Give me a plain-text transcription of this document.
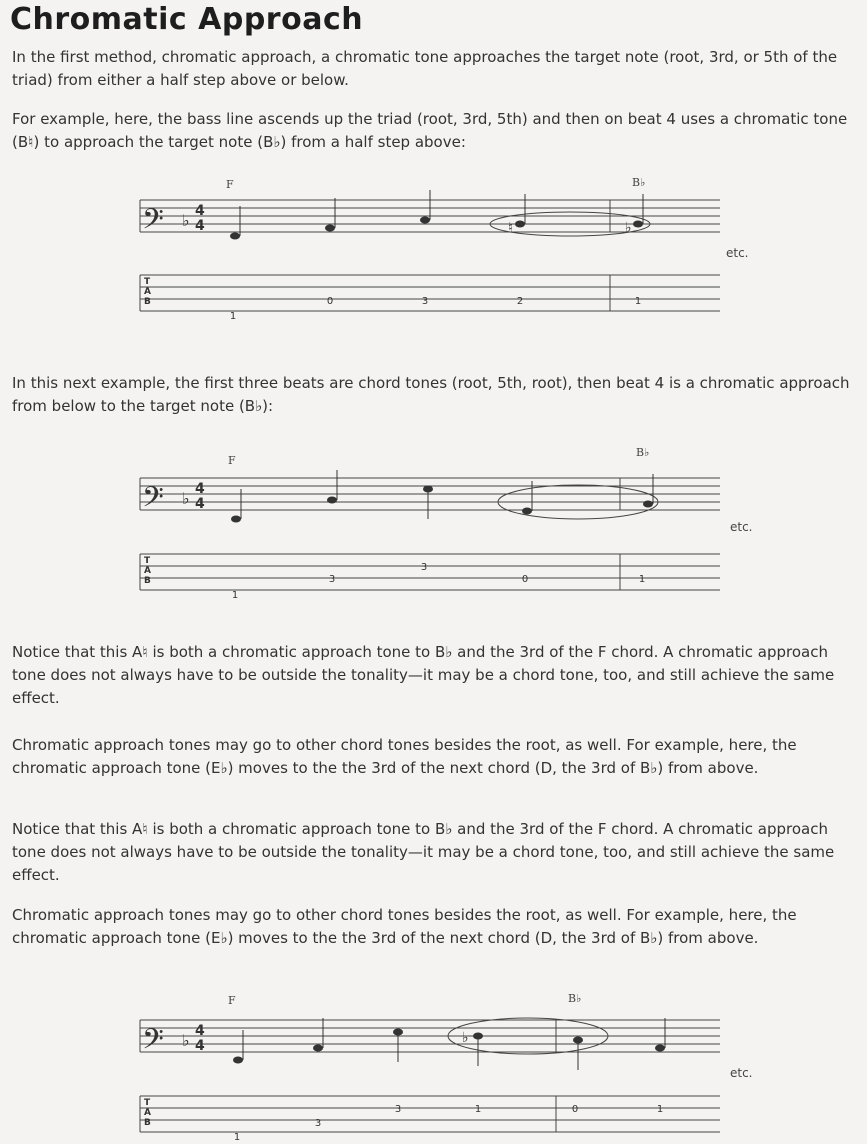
Chromatic Approach
In the first method, chromatic approach, a chromatic tone approaches the target note (root, 3rd, or 5th of the triad) from either a half step above or below.
For example, here, the bass line ascends up the triad (root, 3rd, 5th) and then on beat 4 uses a chromatic tone (B♮) to approach the target note (B♭) from a half step above:
F	B♭
etc.
𝄢 ♭ 4
4	♮	♭
T
A
B
1
0	3	2	1
In this next example, the first three beats are chord tones (root, 5th, root), then beat 4 is a chromatic approach from below to the target note (B♭):
F
B♭
etc.
𝄢 ♭ 4
4
T
A
B
1
3
3
0	1
Notice that this A♮ is both a chromatic approach tone to B♭ and the 3rd of the F chord. A chromatic approach tone does not always have to be outside the tonality—it may be a chord tone, too, and still achieve the same effect.
Chromatic approach tones may go to other chord tones besides the root, as well. For example, here, the chromatic approach tone (E♭) moves to the the 3rd of the next chord (D, the 3rd of B♭) from above.
Notice that this A♮ is both a chromatic approach tone to B♭ and the 3rd of the F chord. A chromatic approach tone does not always have to be outside the tonality—it may be a chord tone, too, and still achieve the same effect.
Chromatic approach tones may go to other chord tones besides the root, as well. For example, here, the chromatic approach tone (E♭) moves to the the 3rd of the next chord (D, the 3rd of B♭) from above.
F	B♭
etc.
𝄢 ♭ 4
4	♭
T
A
B
1
3
3	1	0	1
